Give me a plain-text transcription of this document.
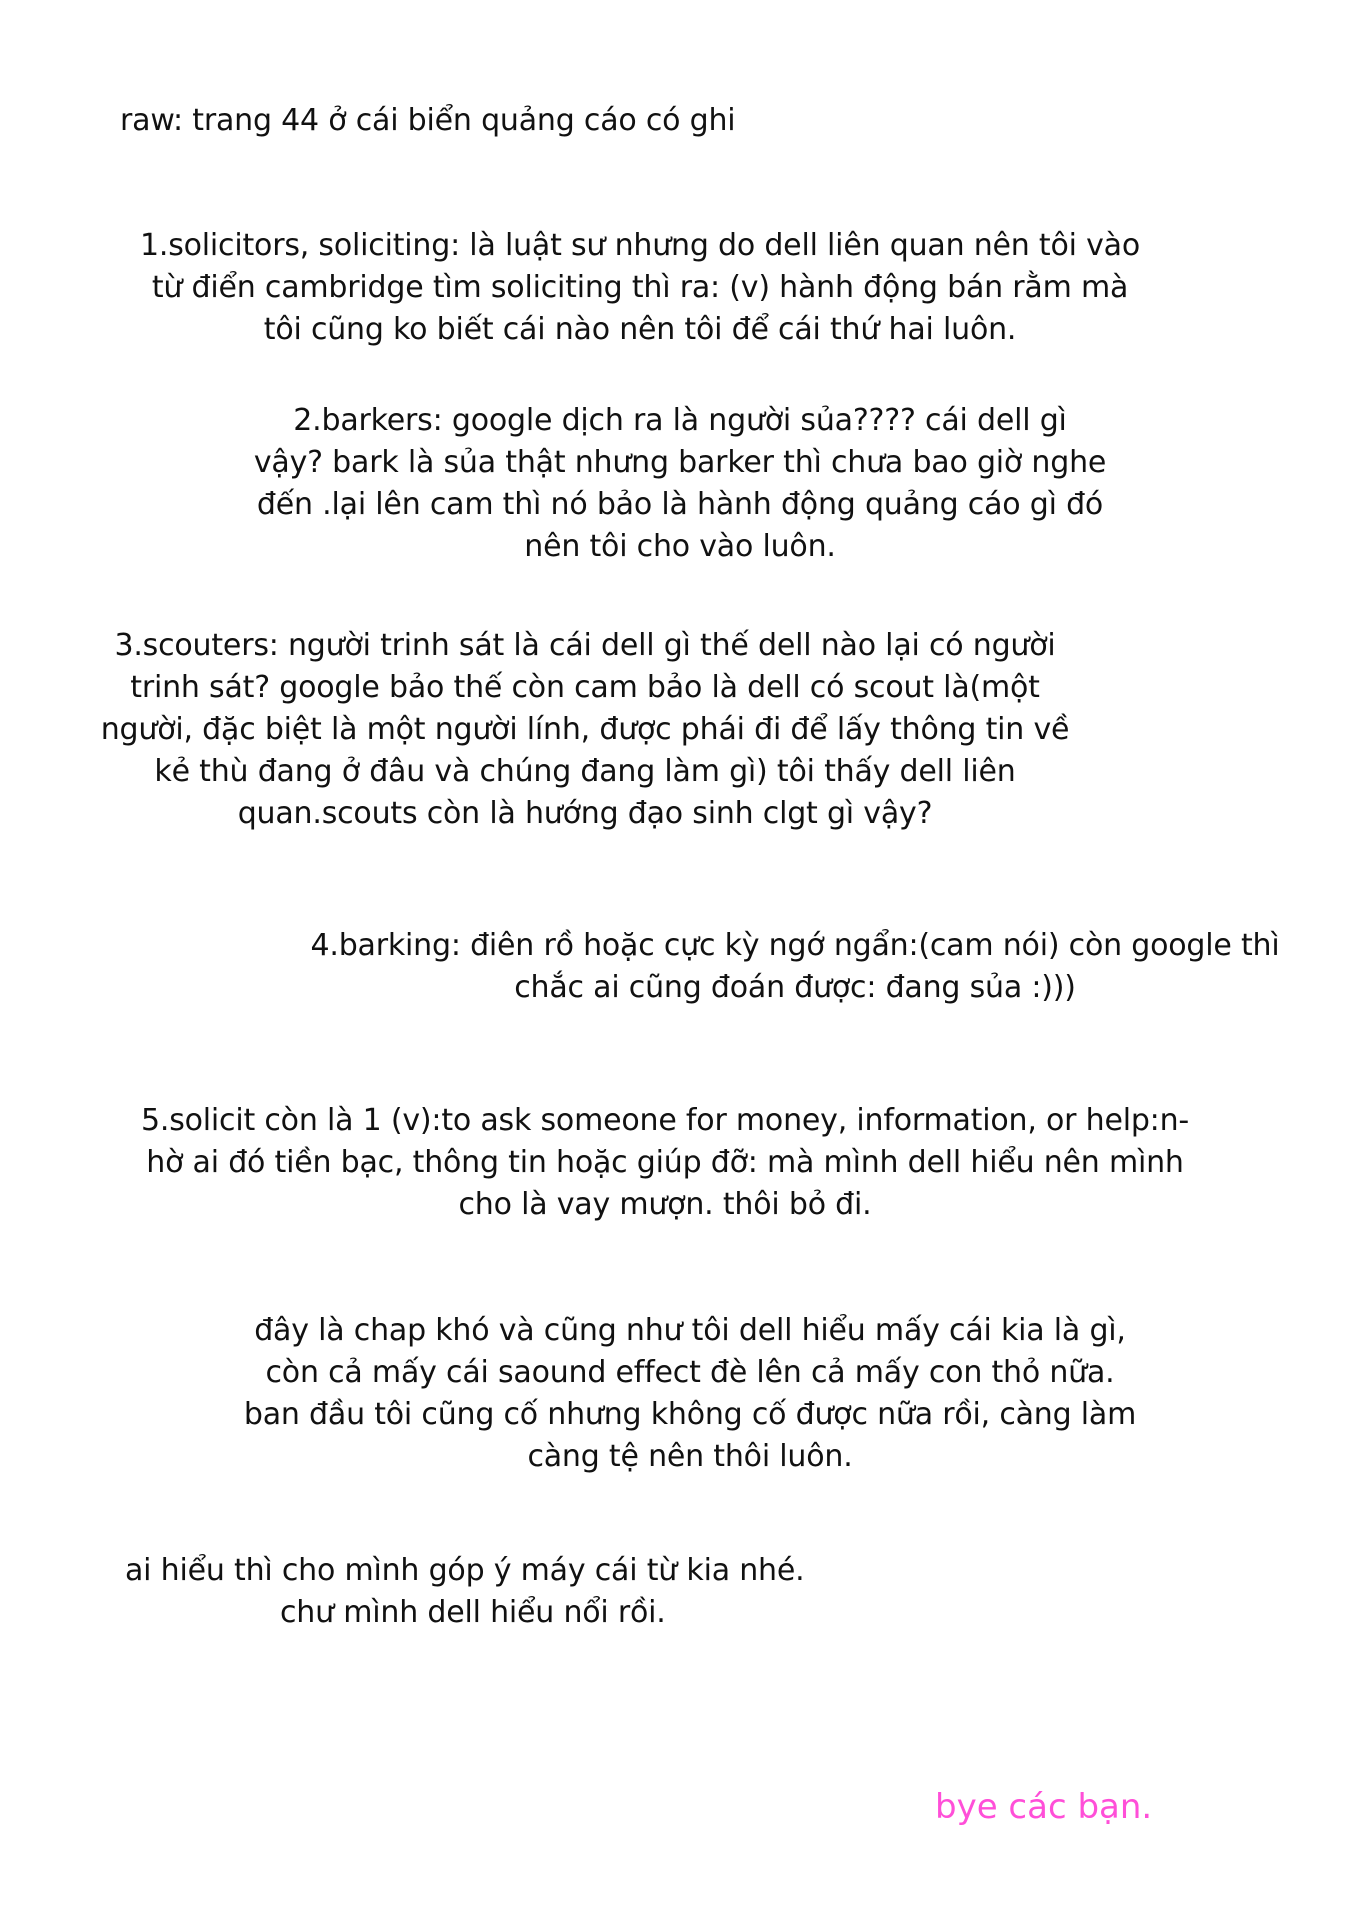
raw: trang 44 ở cái biển quảng cáo có ghi
1.solicitors, soliciting: là luật sư nhưng do dell liên quan nên tôi vào
từ điển cambridge tìm soliciting thì ra: (v) hành động bán rằm mà
tôi cũng ko biết cái nào nên tôi để cái thứ hai luôn.
2.barkers: google dịch ra là người sủa???? cái dell gì
vậy? bark là sủa thật nhưng barker thì chưa bao giờ nghe
đến .lại lên cam thì nó bảo là hành động quảng cáo gì đó
nên tôi cho vào luôn.
3.scouters: người trinh sát là cái dell gì thế dell nào lại có người
trinh sát? google bảo thế còn cam bảo là dell có scout là(một
người, đặc biệt là một người lính, được phái đi để lấy thông tin về
kẻ thù đang ở đâu và chúng đang làm gì) tôi thấy dell liên
quan.scouts còn là hướng đạo sinh clgt gì vậy?
4.barking: điên rồ hoặc cực kỳ ngớ ngẩn:(cam nói) còn google thì
chắc ai cũng đoán được: đang sủa :)))
5.solicit còn là 1 (v):to ask someone for money, information, or help:n-
hờ ai đó tiền bạc, thông tin hoặc giúp đỡ: mà mình dell hiểu nên mình
cho là vay mượn. thôi bỏ đi.
đây là chap khó và cũng như tôi dell hiểu mấy cái kia là gì,
còn cả mấy cái saound effect đè lên cả mấy con thỏ nữa.
ban đầu tôi cũng cố nhưng không cố được nữa rồi, càng làm
càng tệ nên thôi luôn.
ai hiểu thì cho mình góp ý máy cái từ kia nhé.
chư mình dell hiểu nổi rồi.
bye các bạn.
